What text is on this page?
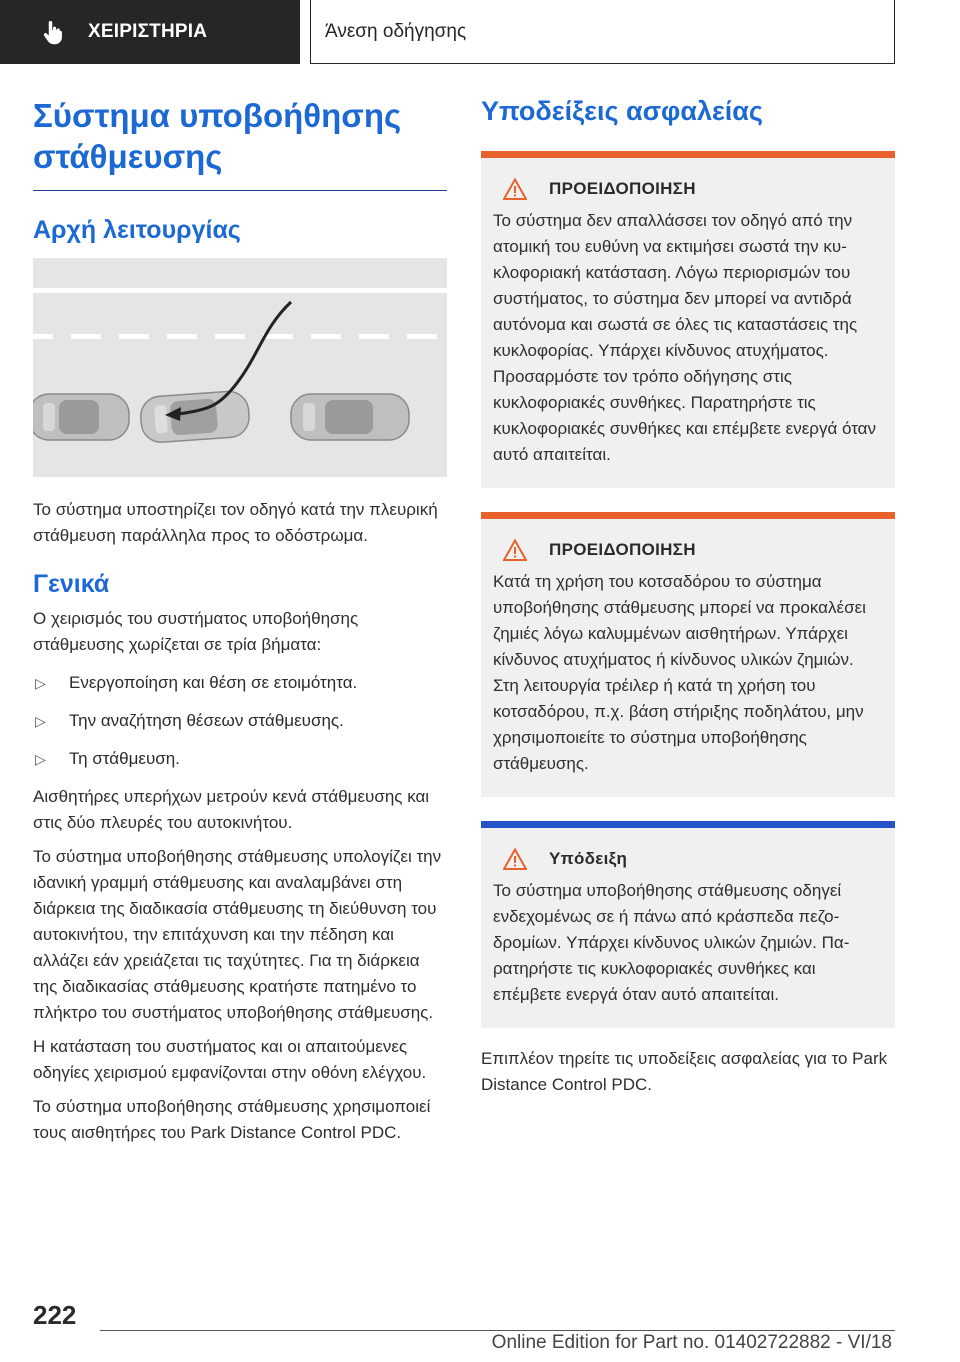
ΧΕΙΡΙΣΤΗΡΙΑ	Άνεση οδήγησης
Σύστημα υποβοήθησης στάθμευσης
Αρχή λειτουργίας

Το σύστημα υποστηρίζει τον οδηγό κατά την πλευρική στάθμευση παράλληλα προς το οδόστρωμα.

Γενικά

Ο χειρισμός του συστήματος υποβοήθησης στάθμευσης χωρίζεται σε τρία βήματα:

▷	Ενεργοποίηση και θέση σε ετοιμότητα.
▷	Την αναζήτηση θέσεων στάθμευσης.
▷	Τη στάθμευση.

Αισθητήρες υπερήχων μετρούν κενά στάθμευσης και στις δύο πλευρές του αυτοκινήτου.

Το σύστημα υποβοήθησης στάθμευσης υπολογίζει την ιδανική γραμμή στάθμευσης και αναλαμβάνει στη διάρκεια της διαδικασία στάθμευσης τη διεύθυνση του αυτοκινήτου, την επιτάχυνση και την πέδηση και αλλάζει εάν χρειάζεται τις ταχύτητες. Για τη διάρκεια της διαδικασίας στάθμευσης κρατήστε πατημένο το πλήκτρο του συστήματος υποβοήθησης στάθμευσης.

Η κατάσταση του συστήματος και οι απαιτούμενες οδηγίες χειρισμού εμφανίζονται στην οθόνη ελέγχου.

Το σύστημα υποβοήθησης στάθμευσης χρησιμοποιεί τους αισθητήρες του Park Distance Control PDC.

Υποδείξεις ασφαλείας
ΠΡΟΕΙΔΟΠΟΙΗΣΗ

Το σύστημα δεν απαλλάσσει τον οδηγό από την ατομική του ευθύνη να εκτιμήσει σωστά την κυκλοφοριακή κατάσταση. Λόγω περιορισμών του συστήματος, το σύστημα δεν μπορεί να αντιδρά αυτόνομα και σωστά σε όλες τις καταστάσεις της κυκλοφορίας. Υπάρχει κίνδυνος ατυχήματος. Προσαρμόστε τον τρόπο οδήγησης στις κυκλοφοριακές συνθήκες. Παρατηρήστε τις κυκλοφοριακές συνθήκες και επέμβετε ενεργά όταν αυτό απαιτείται.

ΠΡΟΕΙΔΟΠΟΙΗΣΗ

Κατά τη χρήση του κοτσαδόρου το σύστημα υποβοήθησης στάθμευσης μπορεί να προκαλέσει ζημιές λόγω καλυμμένων αισθητήρων. Υπάρχει κίνδυνος ατυχήματος ή κίνδυνος υλικών ζημιών. Στη λειτουργία τρέιλερ ή κατά τη χρήση του κοτσαδόρου, π.χ. βάση στήριξης ποδηλάτου, μην χρησιμοποιείτε το σύστημα υποβοήθησης στάθμευσης.

Υπόδειξη

Το σύστημα υποβοήθησης στάθμευσης οδηγεί ενδεχομένως σε ή πάνω από κράσπεδα πεζοδρομίων. Υπάρχει κίνδυνος υλικών ζημιών. Παρατηρήστε τις κυκλοφοριακές συνθήκες και επέμβετε ενεργά όταν αυτό απαιτείται.

Επιπλέον τηρείτε τις υποδείξεις ασφαλείας για το Park Distance Control PDC.

222
Online Edition for Part no. 01402722882 - VI/18
